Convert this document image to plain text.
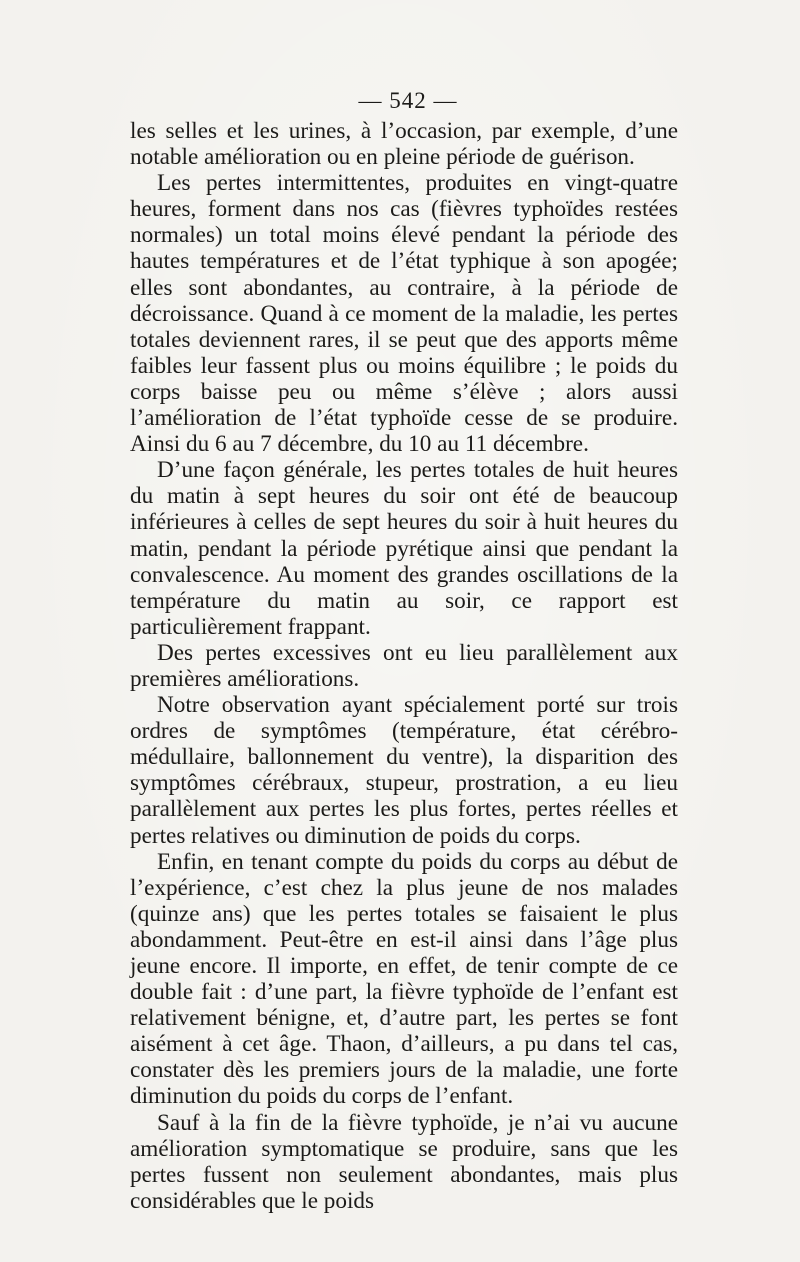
— 542 —

les selles et les urines, à l’occasion, par exemple, d’une notable amélioration ou en pleine période de guérison.

Les pertes intermittentes, produites en vingt-quatre heures, forment dans nos cas (fièvres typhoïdes restées normales) un total moins élevé pendant la période des hautes températures et de l’état typhique à son apogée; elles sont abondantes, au contraire, à la période de décroissance. Quand à ce moment de la maladie, les pertes totales deviennent rares, il se peut que des apports même faibles leur fassent plus ou moins équilibre ; le poids du corps baisse peu ou même s’élève ; alors aussi l’amélioration de l’état typhoïde cesse de se produire. Ainsi du 6 au 7 décembre, du 10 au 11 décembre.

D’une façon générale, les pertes totales de huit heures du matin à sept heures du soir ont été de beaucoup inférieures à celles de sept heures du soir à huit heures du matin, pendant la période pyrétique ainsi que pendant la convalescence. Au moment des grandes oscillations de la température du matin au soir, ce rapport est particulièrement frappant.

Des pertes excessives ont eu lieu parallèlement aux premières améliorations.

Notre observation ayant spécialement porté sur trois ordres de symptômes (température, état cérébro-médullaire, ballonnement du ventre), la disparition des symptômes cérébraux, stupeur, prostration, a eu lieu parallèlement aux pertes les plus fortes, pertes réelles et pertes relatives ou diminution de poids du corps.

Enfin, en tenant compte du poids du corps au début de l’expérience, c’est chez la plus jeune de nos malades (quinze ans) que les pertes totales se faisaient le plus abondamment. Peut-être en est-il ainsi dans l’âge plus jeune encore. Il importe, en effet, de tenir compte de ce double fait : d’une part, la fièvre typhoïde de l’enfant est relativement bénigne, et, d’autre part, les pertes se font aisément à cet âge. Thaon, d’ailleurs, a pu dans tel cas, constater dès les premiers jours de la maladie, une forte diminution du poids du corps de l’enfant.

Sauf à la fin de la fièvre typhoïde, je n’ai vu aucune amélioration symptomatique se produire, sans que les pertes fussent non seulement abondantes, mais plus considérables que le poids
